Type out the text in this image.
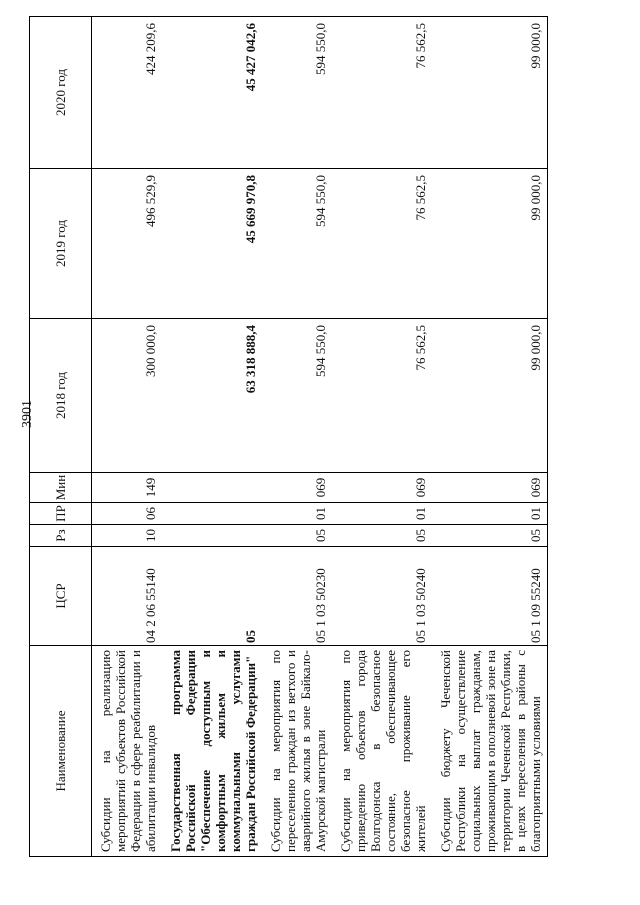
3901
Наименование	ЦСР	Рз	ПР	Мин	2018 год	2019 год	2020 год
Субсидии на реализацию мероприятий субъектов Российской Федерации в сфере реабилитации и абилитации инвалидов	04 2 06 55140	10	06	149	300 000,0	496 529,9	424 209,6
Государственная программа Российской Федерации "Обеспечение доступным и комфортным жильем и коммунальными услугами граждан Российской Федерации"	05				63 318 888,4	45 669 970,8	45 427 042,6
Субсидии на мероприятия по переселению граждан из ветхого и аварийного жилья в зоне Байкало-Амурской магистрали	05 1 03 50230	05	01	069	594 550,0	594 550,0	594 550,0
Субсидии на мероприятия по приведению объектов города Волгодонска в безопасное состояние, обеспечивающее безопасное проживание его жителей	05 1 03 50240	05	01	069	76 562,5	76 562,5	76 562,5
Субсидии бюджету Чеченской Республики на осуществление социальных выплат гражданам, проживающим в оползневой зоне на территории Чеченской Республики, в целях переселения в районы с благоприятными условиями	05 1 09 55240	05	01	069	99 000,0	99 000,0	99 000,0
